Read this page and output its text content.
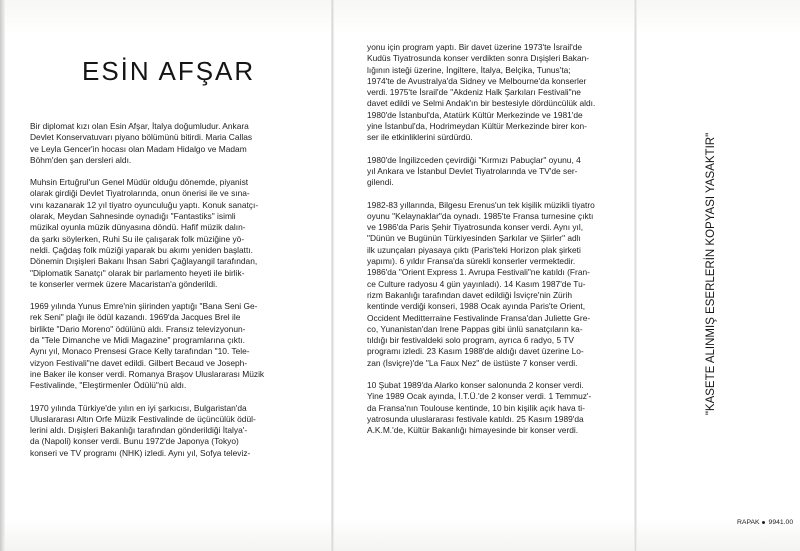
ESİN AFŞAR

Bir diplomat kızı olan Esin Afşar, İtalya doğumludur. Ankara
Devlet Konservatuvarı piyano bölümünü bitirdi. Maria Callas
ve Leyla Gencer'in hocası olan Madam Hidalgo ve Madam
Böhm'den şan dersleri aldı.

Muhsin Ertuğrul'un Genel Müdür olduğu dönemde, piyanist
olarak girdiği Devlet Tiyatrolarında, onun önerisi ile ve sına-
vını kazanarak 12 yıl tiyatro oyunculuğu yaptı. Konuk sanatçı-
olarak, Meydan Sahnesinde oynadığı "Fantastiks" isimli
müzikal oyunla müzik dünyasına döndü. Hafif müzik dalın-
da şarkı söylerken, Ruhi Su ile çalışarak folk müziğine yö-
neldi. Çağdaş folk müziği yaparak bu akımı yeniden başlattı.
Dönemin Dışişleri Bakanı İhsan Sabri Çağlayangil tarafından,
"Diplomatik Sanatçı" olarak bir parlamento heyeti ile birlik-
te konserler vermek üzere Macaristan'a gönderildi.

1969 yılında Yunus Emre'nin şiirinden yaptığı "Bana Seni Ge-
rek Seni" plağı ile ödül kazandı. 1969'da Jacques Brel ile
birlikte "Dario Moreno" ödülünü aldı. Fransız televizyonun-
da "Tele Dimanche ve Midi Magazine" programlarına çıktı.
Aynı yıl, Monaco Prensesi Grace Kelly tarafından "10. Tele-
vizyon Festivali"ne davet edildi. Gilbert Becaud ve Joseph-
ine Baker ile konser verdi. Romanya Braşov Uluslararası Müzik
Festivalinde, "Eleştirmenler Ödülü"nü aldı.

1970 yılında Türkiye'de yılın en iyi şarkıcısı, Bulgaristan'da
Uluslararası Altın Orfe Müzik Festivalinde de üçüncülük ödül-
lerini aldı. Dışişleri Bakanlığı tarafından gönderildiği İtalya'-
da (Napoli) konser verdi. Bunu 1972'de Japonya (Tokyo)
konseri ve TV programı (NHK) izledi. Aynı yıl, Sofya televiz-

yonu için program yaptı. Bir davet üzerine 1973'te İsrail'de
Kudüs Tiyatrosunda konser verdikten sonra Dışişleri Bakan-
lığının isteği üzerine, İngiltere, İtalya, Belçika, Tunus'ta;
1974'te de Avustralya'da Sidney ve Melbourne'da konserler
verdi. 1975'te İsrail'de "Akdeniz Halk Şarkıları Festivali"ne
davet edildi ve Selmi Andak'ın bir bestesiyle dördüncülük aldı.
1980'de İstanbul'da, Atatürk Kültür Merkezinde ve 1981'de
yine İstanbul'da, Hodrimeydan Kültür Merkezinde birer kon-
ser ile etkinliklerini sürdürdü.

1980'de İngilizceden çevirdiği "Kırmızı Pabuçlar" oyunu, 4
yıl Ankara ve İstanbul Devlet Tiyatrolarında ve TV'de ser-
gilendi.

1982-83 yıllarında, Bilgesu Erenus'un tek kişilik müzikli tiyatro
oyunu "Kelaynaklar"da oynadı. 1985'te Fransa turnesine çıktı
ve 1986'da Paris Şehir Tiyatrosunda konser verdi. Aynı yıl,
"Dünün ve Bugünün Türkiyesinden Şarkılar ve Şiirler" adlı
ilk uzunçaları piyasaya çıktı (Paris'teki Horizon plak şirketi
yapımı). 6 yıldır Fransa'da sürekli konserler vermektedir.
1986'da "Orient Express 1. Avrupa Festivali"ne katıldı (Fran-
ce Culture radyosu 4 gün yayınladı). 14 Kasım 1987'de Tu-
rizm Bakanlığı tarafından davet edildiği İsviçre'nin Zürih
kentinde verdiği konseri, 1988 Ocak ayında Paris'te Orient,
Occident Meditterraine Festivalinde Fransa'dan Juliette Gre-
co, Yunanistan'dan Irene Pappas gibi ünlü sanatçıların ka-
tıldığı bir festivaldeki solo program, ayrıca 6 radyo, 5 TV
programı izledi. 23 Kasım 1988'de aldığı davet üzerine Lo-
zan (İsviçre)'de "La Faux Nez" de üstüste 7 konser verdi.

10 Şubat 1989'da Alarko konser salonunda 2 konser verdi.
Yine 1989 Ocak ayında, İ.T.Ü.'de 2 konser verdi. 1 Temmuz'-
da Fransa'nın Toulouse kentinde, 10 bin kişilik açık hava ti-
yatrosunda uluslararası festivale katıldı. 25 Kasım 1989'da
A.K.M.'de, Kültür Bakanlığı himayesinde bir konser verdi.

"KASETE ALINMIŞ ESERLERİN KOPYASI YASAKTIR"
RAPAK 9941.00
